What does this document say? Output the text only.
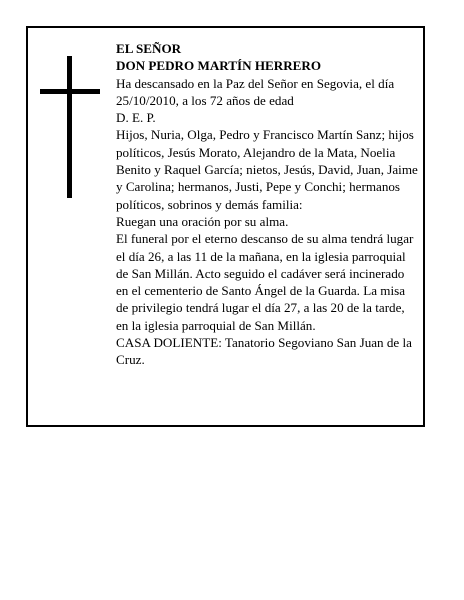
EL SEÑOR

DON PEDRO MARTÍN HERRERO

Ha descansado en la Paz del Señor en Segovia, el día 25/10/2010, a los 72 años de edad

D. E. P.

Hijos, Nuria, Olga, Pedro y Francisco Martín Sanz; hijos políticos, Jesús Morato, Alejandro de la Mata, Noelia Benito y Raquel García; nietos, Jesús, David, Juan, Jaime y Carolina; hermanos, Justi, Pepe y Conchi; hermanos políticos, sobrinos y demás familia:

Ruegan una oración por su alma.

El funeral por el eterno descanso de su alma tendrá lugar el día 26, a las 11 de la mañana, en la iglesia parroquial de San Millán. Acto seguido el cadáver será incinerado en el cementerio de Santo Ángel de la Guarda. La misa de privilegio tendrá lugar el día 27, a las 20 de la tarde, en la iglesia parroquial de San Millán.

CASA DOLIENTE: Tanatorio Segoviano San Juan de la Cruz.
